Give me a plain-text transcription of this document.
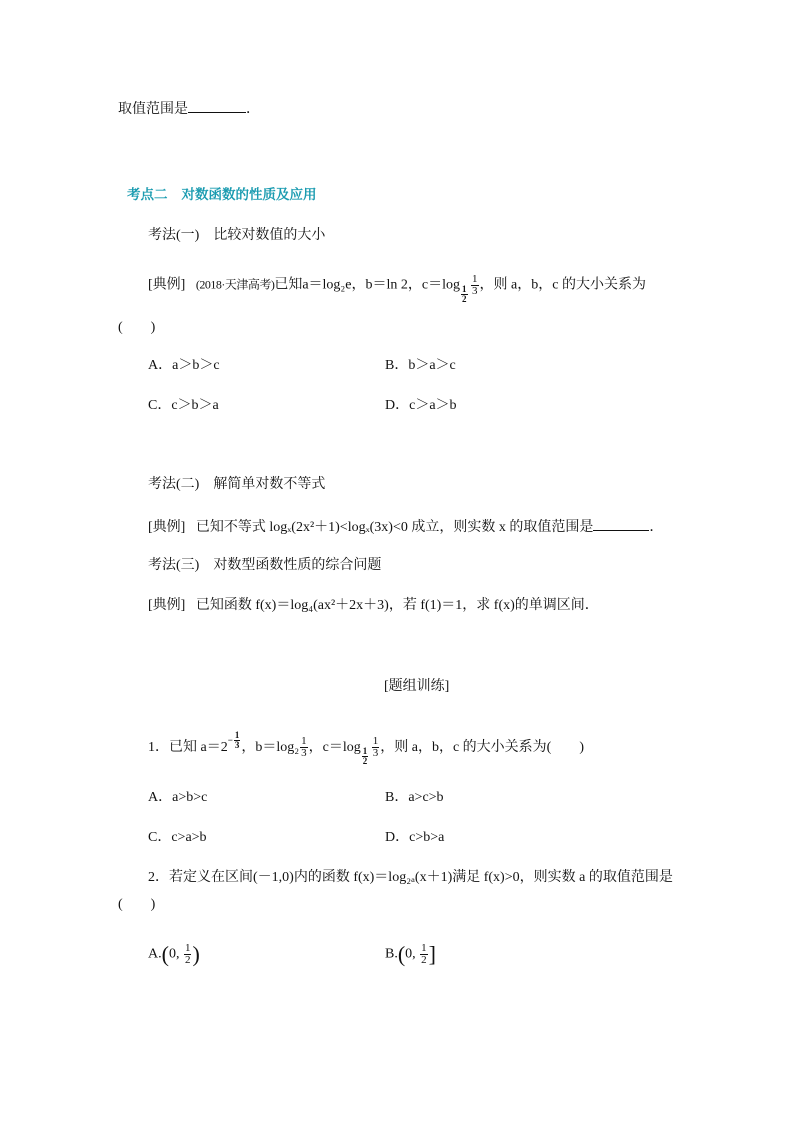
取值范围是	．
考点二 对数函数的性质及应用
考法(一)　比较对数值的大小
[典例] (2018·天津高考)已知a＝log₂e，b＝ln 2，$c=\log \frac{1}{2} \frac{1}{3}$ ，则 a，b，c 的大小关系为
(　　)
A．a＞b＞c	B．b＞a＞c
C．c＞b＞a	D．c＞a＞b
考法(二)　解简单对数不等式
[典例] 已知不等式 logₓ(2x²＋1)<logₓ(3x)<0 成立，则实数 x 的取值范围是	．
考法(三)　对数型函数性质的综合问题
[典例] 已知函数 f(x)＝log₄(ax²＋2x＋3)，若 f(1)＝1，求 f(x)的单调区间．
[题组训练]
1．已知 $a=2- \frac{1}{3}$ ，$b=\log_2 \frac{1}{3}$ ，$c=\log \frac{1}{2} \frac{1}{3}$ ，则 a，b，c 的大小关系为(　　)
A．a>b>c	B．a>c>b
C．c>a>b	D．c>b>a
2．若定义在区间(－1,0)内的函数 f(x)＝log₂ₐ(x＋1)满足 f(x)>0，则实数 a 的取值范围是
(　　)
A.(0, $\frac{1}{2}$ )	B.(0, $\frac{1}{2}$ ]
